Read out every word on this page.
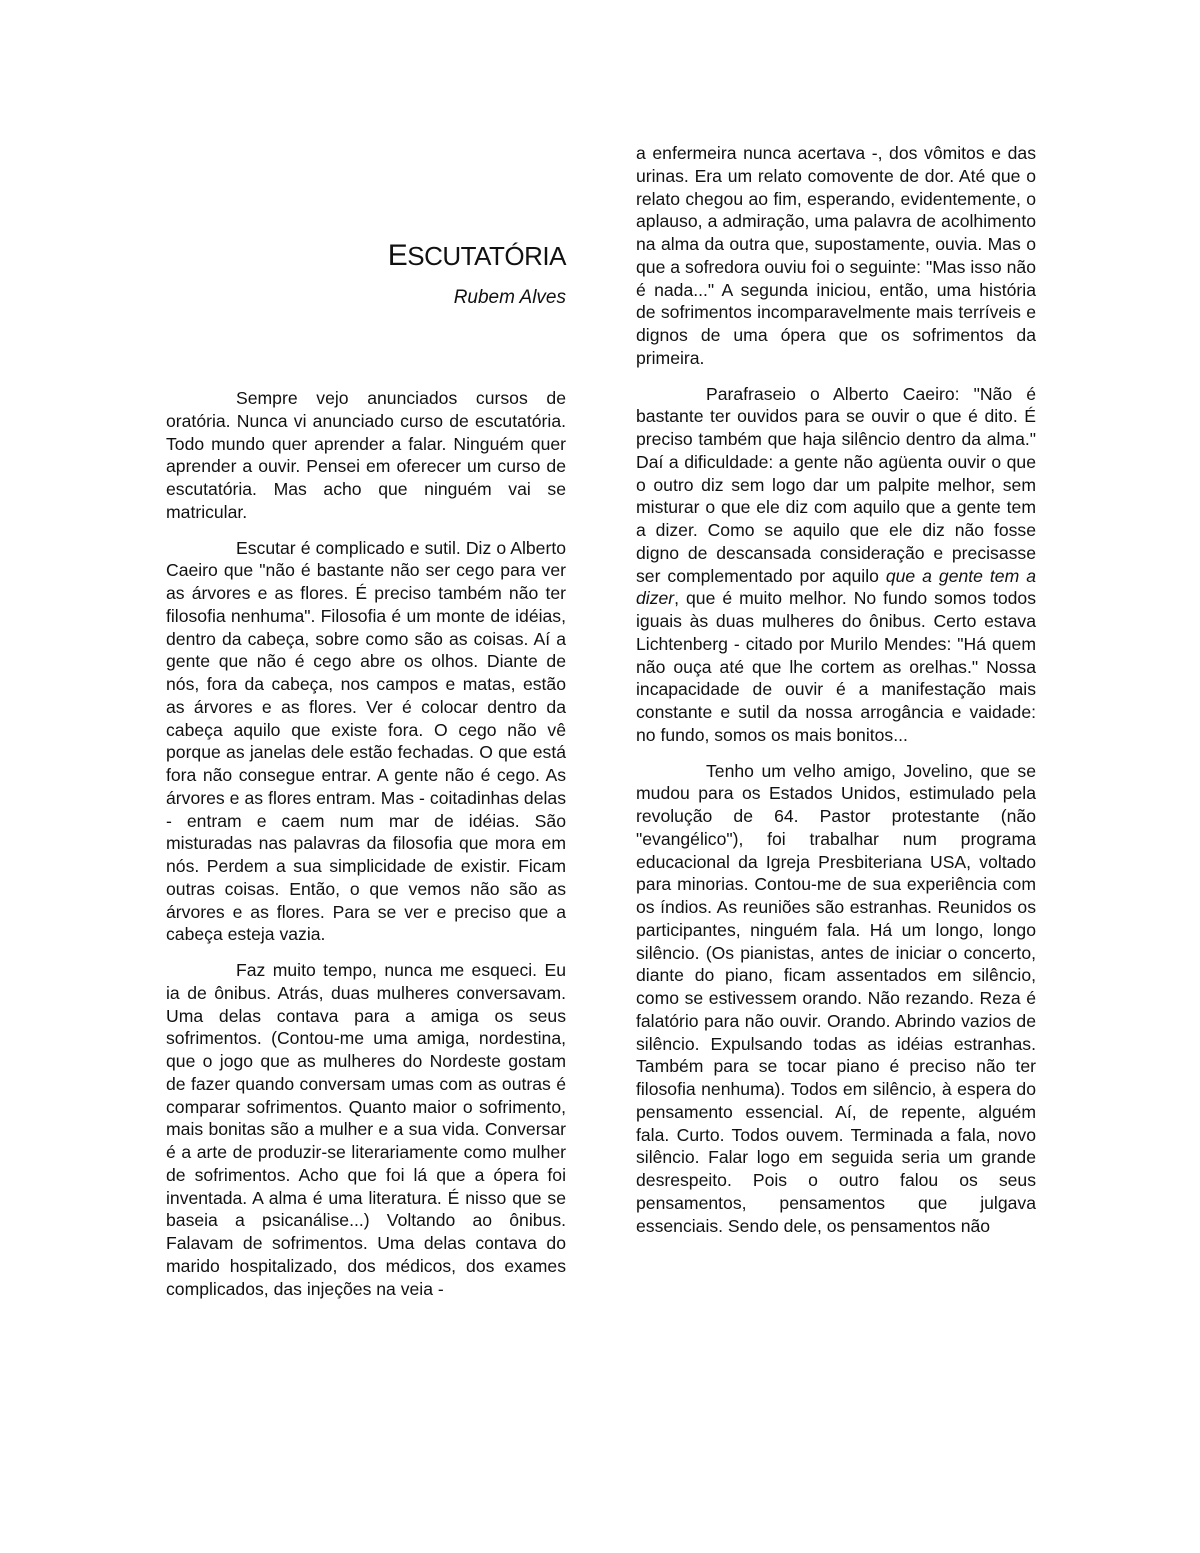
ESCUTATÓRIA
Rubem Alves

Sempre vejo anunciados cursos de oratória. Nunca vi anunciado curso de escutatória. Todo mundo quer aprender a falar. Ninguém quer aprender a ouvir. Pensei em oferecer um curso de escutatória. Mas acho que ninguém vai se matricular.

Escutar é complicado e sutil. Diz o Alberto Caeiro que "não é bastante não ser cego para ver as árvores e as flores. É preciso também não ter filosofia nenhuma". Filosofia é um monte de idéias, dentro da cabeça, sobre como são as coisas. Aí a gente que não é cego abre os olhos. Diante de nós, fora da cabeça, nos campos e matas, estão as árvores e as flores. Ver é colocar dentro da cabeça aquilo que existe fora. O cego não vê porque as janelas dele estão fechadas. O que está fora não consegue entrar. A gente não é cego. As árvores e as flores entram. Mas - coitadinhas delas - entram e caem num mar de idéias. São misturadas nas palavras da filosofia que mora em nós. Perdem a sua simplicidade de existir. Ficam outras coisas. Então, o que vemos não são as árvores e as flores. Para se ver e preciso que a cabeça esteja vazia.

Faz muito tempo, nunca me esqueci. Eu ia de ônibus. Atrás, duas mulheres conversavam. Uma delas contava para a amiga os seus sofrimentos. (Contou-me uma amiga, nordestina, que o jogo que as mulheres do Nordeste gostam de fazer quando conversam umas com as outras é comparar sofrimentos. Quanto maior o sofrimento, mais bonitas são a mulher e a sua vida. Conversar é a arte de produzir-se literariamente como mulher de sofrimentos. Acho que foi lá que a ópera foi inventada. A alma é uma literatura. É nisso que se baseia a psicanálise...) Voltando ao ônibus. Falavam de sofrimentos. Uma delas contava do marido hospitalizado, dos médicos, dos exames complicados, das injeções na veia -

a enfermeira nunca acertava -, dos vômitos e das urinas. Era um relato comovente de dor. Até que o relato chegou ao fim, esperando, evidentemente, o aplauso, a admiração, uma palavra de acolhimento na alma da outra que, supostamente, ouvia. Mas o que a sofredora ouviu foi o seguinte: "Mas isso não é nada..." A segunda iniciou, então, uma história de sofrimentos incomparavelmente mais terríveis e dignos de uma ópera que os sofrimentos da primeira.

Parafraseio o Alberto Caeiro: "Não é bastante ter ouvidos para se ouvir o que é dito. É preciso também que haja silêncio dentro da alma." Daí a dificuldade: a gente não agüenta ouvir o que o outro diz sem logo dar um palpite melhor, sem misturar o que ele diz com aquilo que a gente tem a dizer. Como se aquilo que ele diz não fosse digno de descansada consideração e precisasse ser complementado por aquilo que a gente tem a dizer, que é muito melhor. No fundo somos todos iguais às duas mulheres do ônibus. Certo estava Lichtenberg - citado por Murilo Mendes: "Há quem não ouça até que lhe cortem as orelhas." Nossa incapacidade de ouvir é a manifestação mais constante e sutil da nossa arrogância e vaidade: no fundo, somos os mais bonitos...

Tenho um velho amigo, Jovelino, que se mudou para os Estados Unidos, estimulado pela revolução de 64. Pastor protestante (não "evangélico"), foi trabalhar num programa educacional da Igreja Presbiteriana USA, voltado para minorias. Contou-me de sua experiência com os índios. As reuniões são estranhas. Reunidos os participantes, ninguém fala. Há um longo, longo silêncio. (Os pianistas, antes de iniciar o concerto, diante do piano, ficam assentados em silêncio, como se estivessem orando. Não rezando. Reza é falatório para não ouvir. Orando. Abrindo vazios de silêncio. Expulsando todas as idéias estranhas. Também para se tocar piano é preciso não ter filosofia nenhuma). Todos em silêncio, à espera do pensamento essencial. Aí, de repente, alguém fala. Curto. Todos ouvem. Terminada a fala, novo silêncio. Falar logo em seguida seria um grande desrespeito. Pois o outro falou os seus pensamentos, pensamentos que julgava essenciais. Sendo dele, os pensamentos não
